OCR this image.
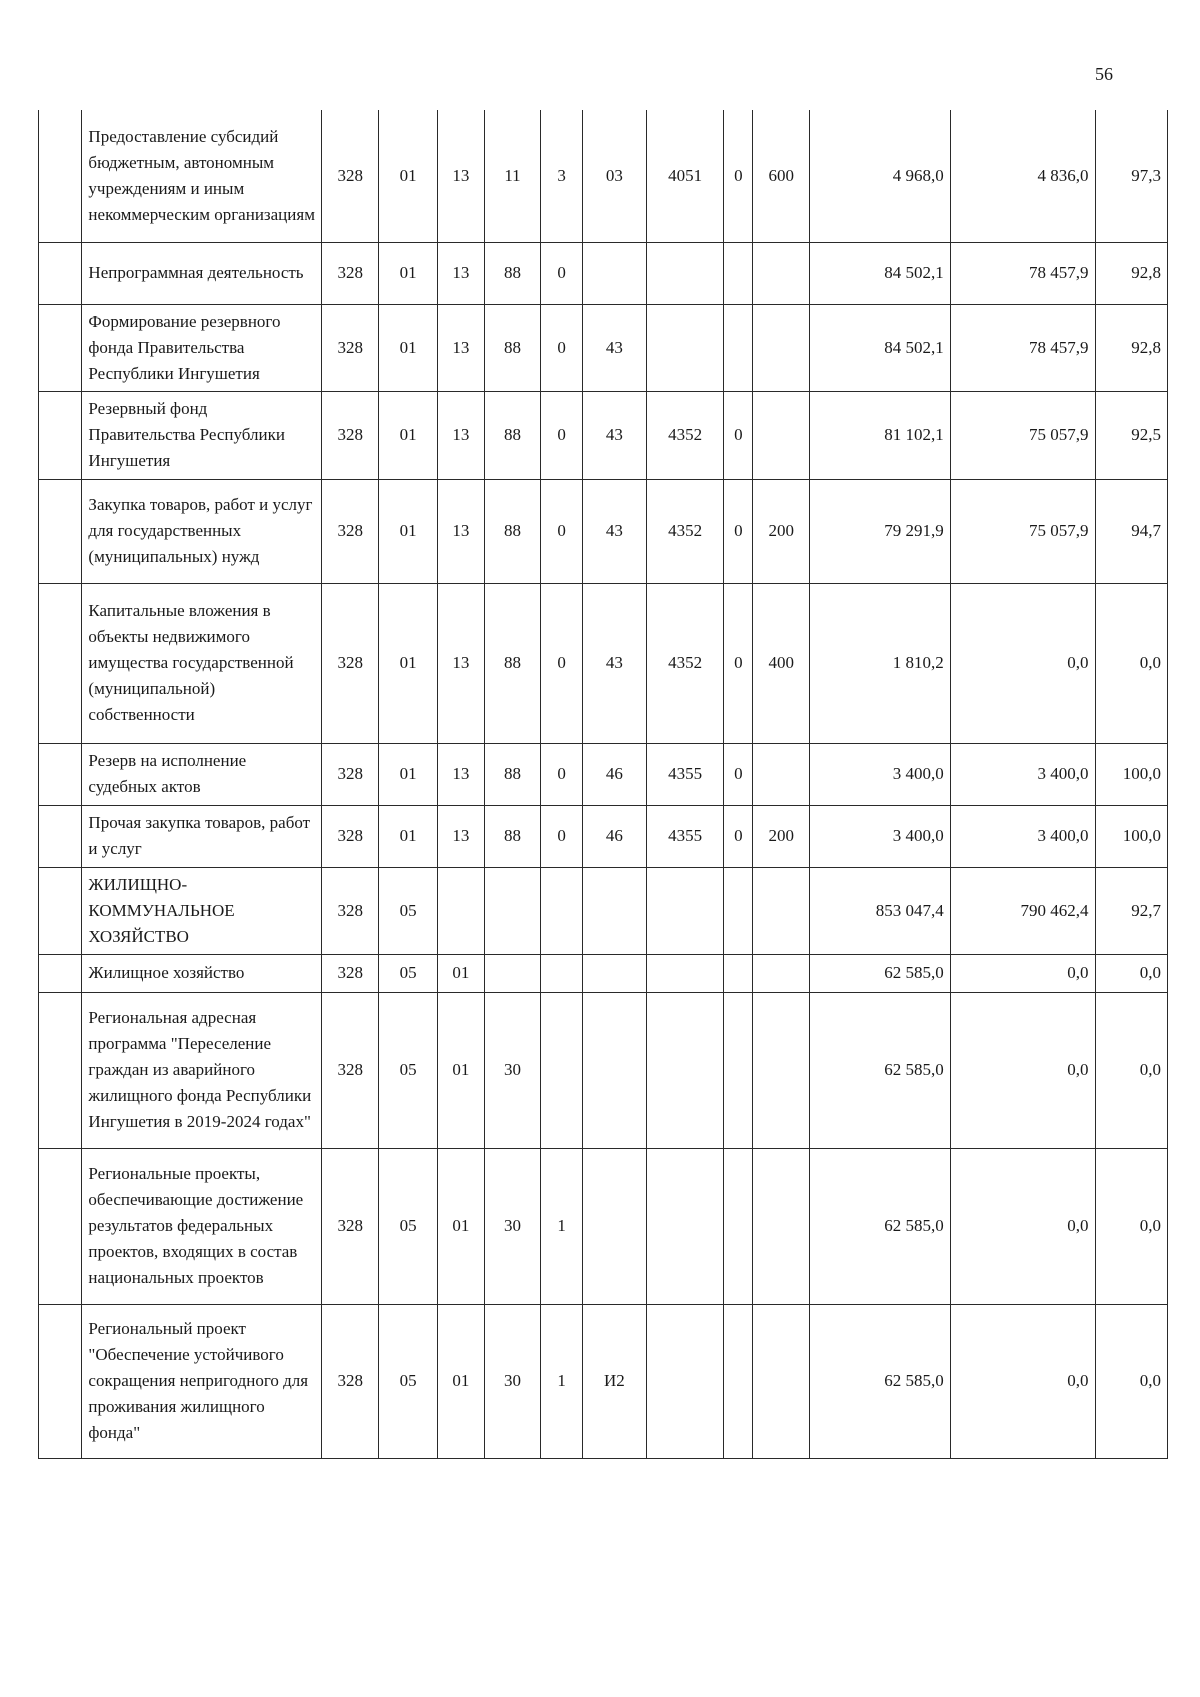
56
	Предоставление субсидий бюджетным, автономным учреждениям и иным некоммерческим организациям	328	01	13	11	3	03	4051	0	600	4 968,0	4 836,0	97,3
	Непрограммная деятельность	328	01	13	88	0					84 502,1	78 457,9	92,8
	Формирование резервного фонда Правительства Республики Ингушетия	328	01	13	88	0	43				84 502,1	78 457,9	92,8
	Резервный фонд Правительства Республики Ингушетия	328	01	13	88	0	43	4352	0		81 102,1	75 057,9	92,5
	Закупка товаров, работ и услуг для государственных (муниципальных) нужд	328	01	13	88	0	43	4352	0	200	79 291,9	75 057,9	94,7
	Капитальные вложения в объекты недвижимого имущества государственной (муниципальной) собственности	328	01	13	88	0	43	4352	0	400	1 810,2	0,0	0,0
	Резерв на исполнение судебных актов	328	01	13	88	0	46	4355	0		3 400,0	3 400,0	100,0
	Прочая закупка товаров, работ и услуг	328	01	13	88	0	46	4355	0	200	3 400,0	3 400,0	100,0
	ЖИЛИЩНО-КОММУНАЛЬНОЕ ХОЗЯЙСТВО	328	05								853 047,4	790 462,4	92,7
	Жилищное хозяйство	328	05	01							62 585,0	0,0	0,0
	Региональная адресная программа "Переселение граждан из аварийного жилищного фонда Республики Ингушетия в 2019-2024 годах"	328	05	01	30						62 585,0	0,0	0,0
	Региональные проекты, обеспечивающие достижение результатов федеральных проектов, входящих в состав национальных проектов	328	05	01	30	1					62 585,0	0,0	0,0
	Региональный проект "Обеспечение устойчивого сокращения непригодного для проживания жилищного фонда"	328	05	01	30	1	И2				62 585,0	0,0	0,0
